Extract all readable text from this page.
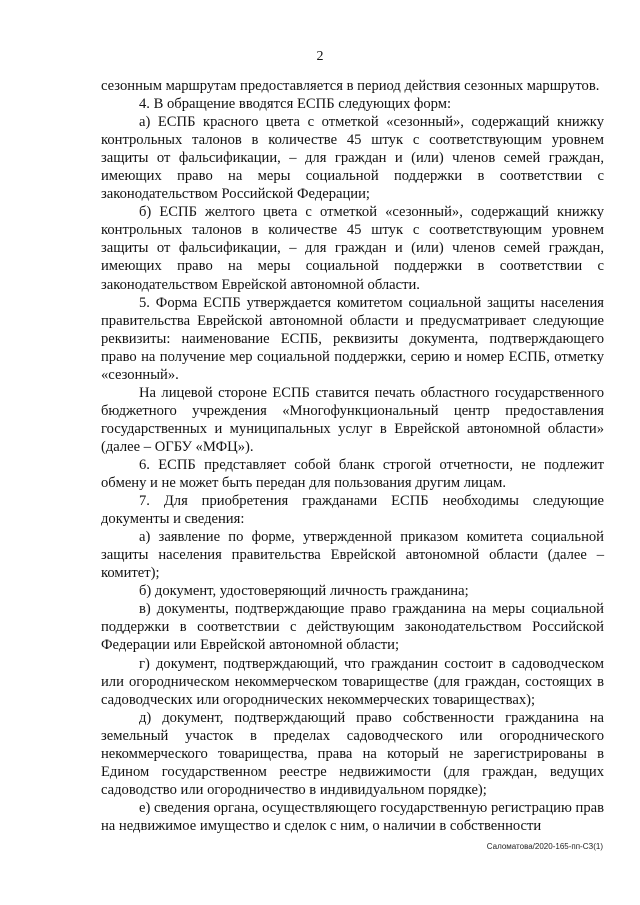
2

сезонным маршрутам предоставляется в период действия сезонных маршрутов.

4. В обращение вводятся ЕСПБ следующих форм:

а) ЕСПБ красного цвета с отметкой «сезонный», содержащий книжку контрольных талонов в количестве 45 штук с соответствующим уровнем защиты от фальсификации, – для граждан и (или) членов семей граждан, имеющих право на меры социальной поддержки в соответствии с законодательством Российской Федерации;

б) ЕСПБ желтого цвета с отметкой «сезонный», содержащий книжку контрольных талонов в количестве 45 штук с соответствующим уровнем защиты от фальсификации, – для граждан и (или) членов семей граждан, имеющих право на меры социальной поддержки в соответствии с законодательством Еврейской автономной области.

5. Форма ЕСПБ утверждается комитетом социальной защиты населения правительства Еврейской автономной области и предусматривает следующие реквизиты: наименование ЕСПБ, реквизиты документа, подтверждающего право на получение мер социальной поддержки, серию и номер ЕСПБ, отметку «сезонный».

На лицевой стороне ЕСПБ ставится печать областного государственного бюджетного учреждения «Многофункциональный центр предоставления государственных и муниципальных услуг в Еврейской автономной области» (далее – ОГБУ «МФЦ»).

6. ЕСПБ представляет собой бланк строгой отчетности, не подлежит обмену и не может быть передан для пользования другим лицам.

7. Для приобретения гражданами ЕСПБ необходимы следующие документы и сведения:

а) заявление по форме, утвержденной приказом комитета социальной защиты населения правительства Еврейской автономной области (далее – комитет);

б) документ, удостоверяющий личность гражданина;

в) документы, подтверждающие право гражданина на меры социальной поддержки в соответствии с действующим законодательством Российской Федерации или Еврейской автономной области;

г) документ, подтверждающий, что гражданин состоит в садоводческом или огородническом некоммерческом товариществе (для граждан, состоящих в садоводческих или огороднических некоммерческих товариществах);

д) документ, подтверждающий право собственности гражданина на земельный участок в пределах садоводческого или огороднического некоммерческого товарищества, права на который не зарегистрированы в Едином государственном реестре недвижимости (для граждан, ведущих садоводство или огородничество в индивидуальном порядке);

е) сведения органа, осуществляющего государственную регистрацию прав на недвижимое имущество и сделок с ним, о наличии в собственности

Саломатова/2020-165-пп-СЗ(1)
